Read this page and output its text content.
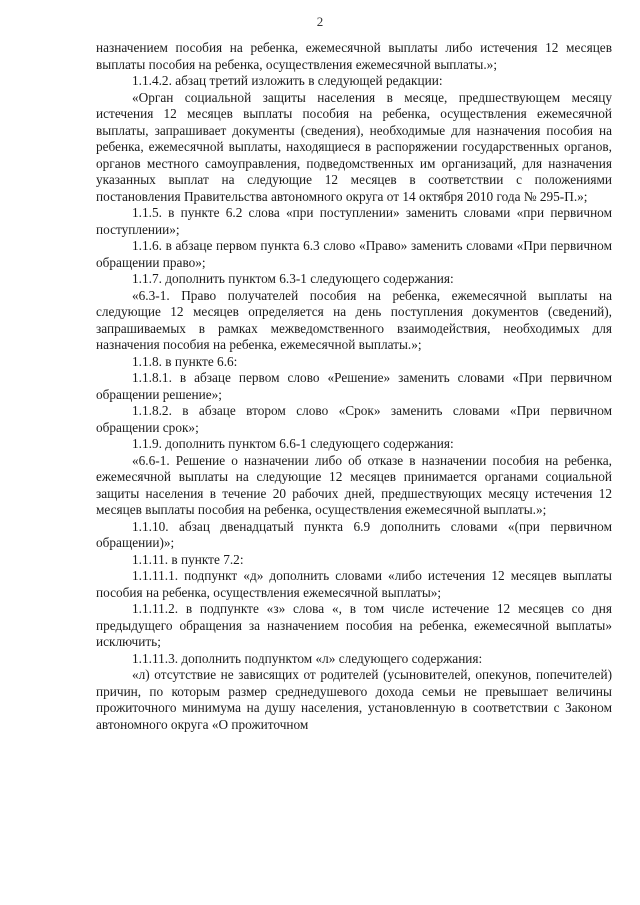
2

назначением пособия на ребенка, ежемесячной выплаты либо истечения 12 месяцев выплаты пособия на ребенка, осуществления ежемесячной выплаты.»;

1.1.4.2. абзац третий изложить в следующей редакции:

«Орган социальной защиты населения в месяце, предшествующем месяцу истечения 12 месяцев выплаты пособия на ребенка, осуществления ежемесячной выплаты, запрашивает документы (сведения), необходимые для назначения пособия на ребенка, ежемесячной выплаты, находящиеся в распоряжении государственных органов, органов местного самоуправления, подведомственных им организаций, для назначения указанных выплат на следующие 12 месяцев в соответствии с положениями постановления Правительства автономного округа от 14 октября 2010 года № 295-П.»;

1.1.5. в пункте 6.2 слова «при поступлении» заменить словами «при первичном поступлении»;

1.1.6. в абзаце первом пункта 6.3 слово «Право» заменить словами «При первичном обращении право»;

1.1.7. дополнить пунктом 6.3-1 следующего содержания:

«6.3-1. Право получателей пособия на ребенка, ежемесячной выплаты на следующие 12 месяцев определяется на день поступления документов (сведений), запрашиваемых в рамках межведомственного взаимодействия, необходимых для назначения пособия на ребенка, ежемесячной выплаты.»;

1.1.8. в пункте 6.6:

1.1.8.1. в абзаце первом слово «Решение» заменить словами «При первичном обращении решение»;

1.1.8.2. в абзаце втором слово «Срок» заменить словами «При первичном обращении срок»;

1.1.9. дополнить пунктом 6.6-1 следующего содержания:

«6.6-1. Решение о назначении либо об отказе в назначении пособия на ребенка, ежемесячной выплаты на следующие 12 месяцев принимается органами социальной защиты населения в течение 20 рабочих дней, предшествующих месяцу истечения 12 месяцев выплаты пособия на ребенка, осуществления ежемесячной выплаты.»;

1.1.10. абзац двенадцатый пункта 6.9 дополнить словами «(при первичном обращении)»;

1.1.11. в пункте 7.2:

1.1.11.1. подпункт «д» дополнить словами «либо истечения 12 месяцев выплаты пособия на ребенка, осуществления ежемесячной выплаты»;

1.1.11.2. в подпункте «з» слова «, в том числе истечение 12 месяцев со дня предыдущего обращения за назначением пособия на ребенка, ежемесячной выплаты» исключить;

1.1.11.3. дополнить подпунктом «л» следующего содержания:

«л) отсутствие не зависящих от родителей (усыновителей, опекунов, попечителей) причин, по которым размер среднедушевого дохода семьи не превышает величины прожиточного минимума на душу населения, установленную в соответствии с Законом автономного округа «О прожиточном
